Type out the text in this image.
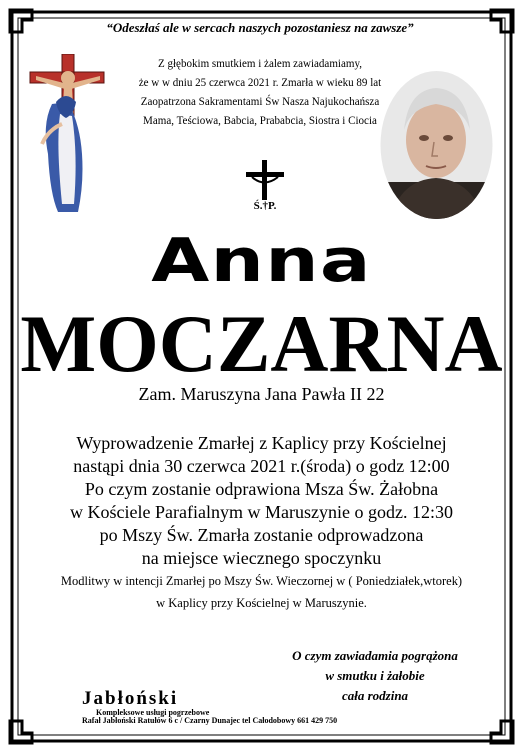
“Odeszłaś ale w sercach naszych pozostaniesz na zawsze”
Z głębokim smutkiem i żalem zawiadamiamy,
że w w dniu 25 czerwca 2021 r. Zmarła w wieku 89 lat
Zaopatrzona Sakramentami Św Nasza Najukochańsza
Mama, Teściowa, Babcia, Prababcia, Siostra i Ciocia
Ś.†P.
Anna
MOCZARNA
Zam. Maruszyna Jana Pawła II 22
Wyprowadzenie Zmarłej z Kaplicy przy Kościelnej
nastąpi dnia 30 czerwca 2021 r.(środa) o godz 12:00
Po czym zostanie odprawiona Msza Św. Żałobna
w Kościele Parafialnym w Maruszynie o godz. 12:30
po Mszy Św. Zmarła zostanie odprowadzona
na miejsce wiecznego spoczynku
Modlitwy w intencji Zmarłej po Mszy Św. Wieczornej w ( Poniedziałek,wtorek)
w Kaplicy przy Kościelnej w Maruszynie.
O czym zawiadamia pogrążona
w smutku i żałobie
cała rodzina
Jabłoński
Kompleksowe usługi pogrzebowe
Rafał Jabłoński Ratułów 6 c / Czarny Dunajec tel Całodobowy 661 429 750
